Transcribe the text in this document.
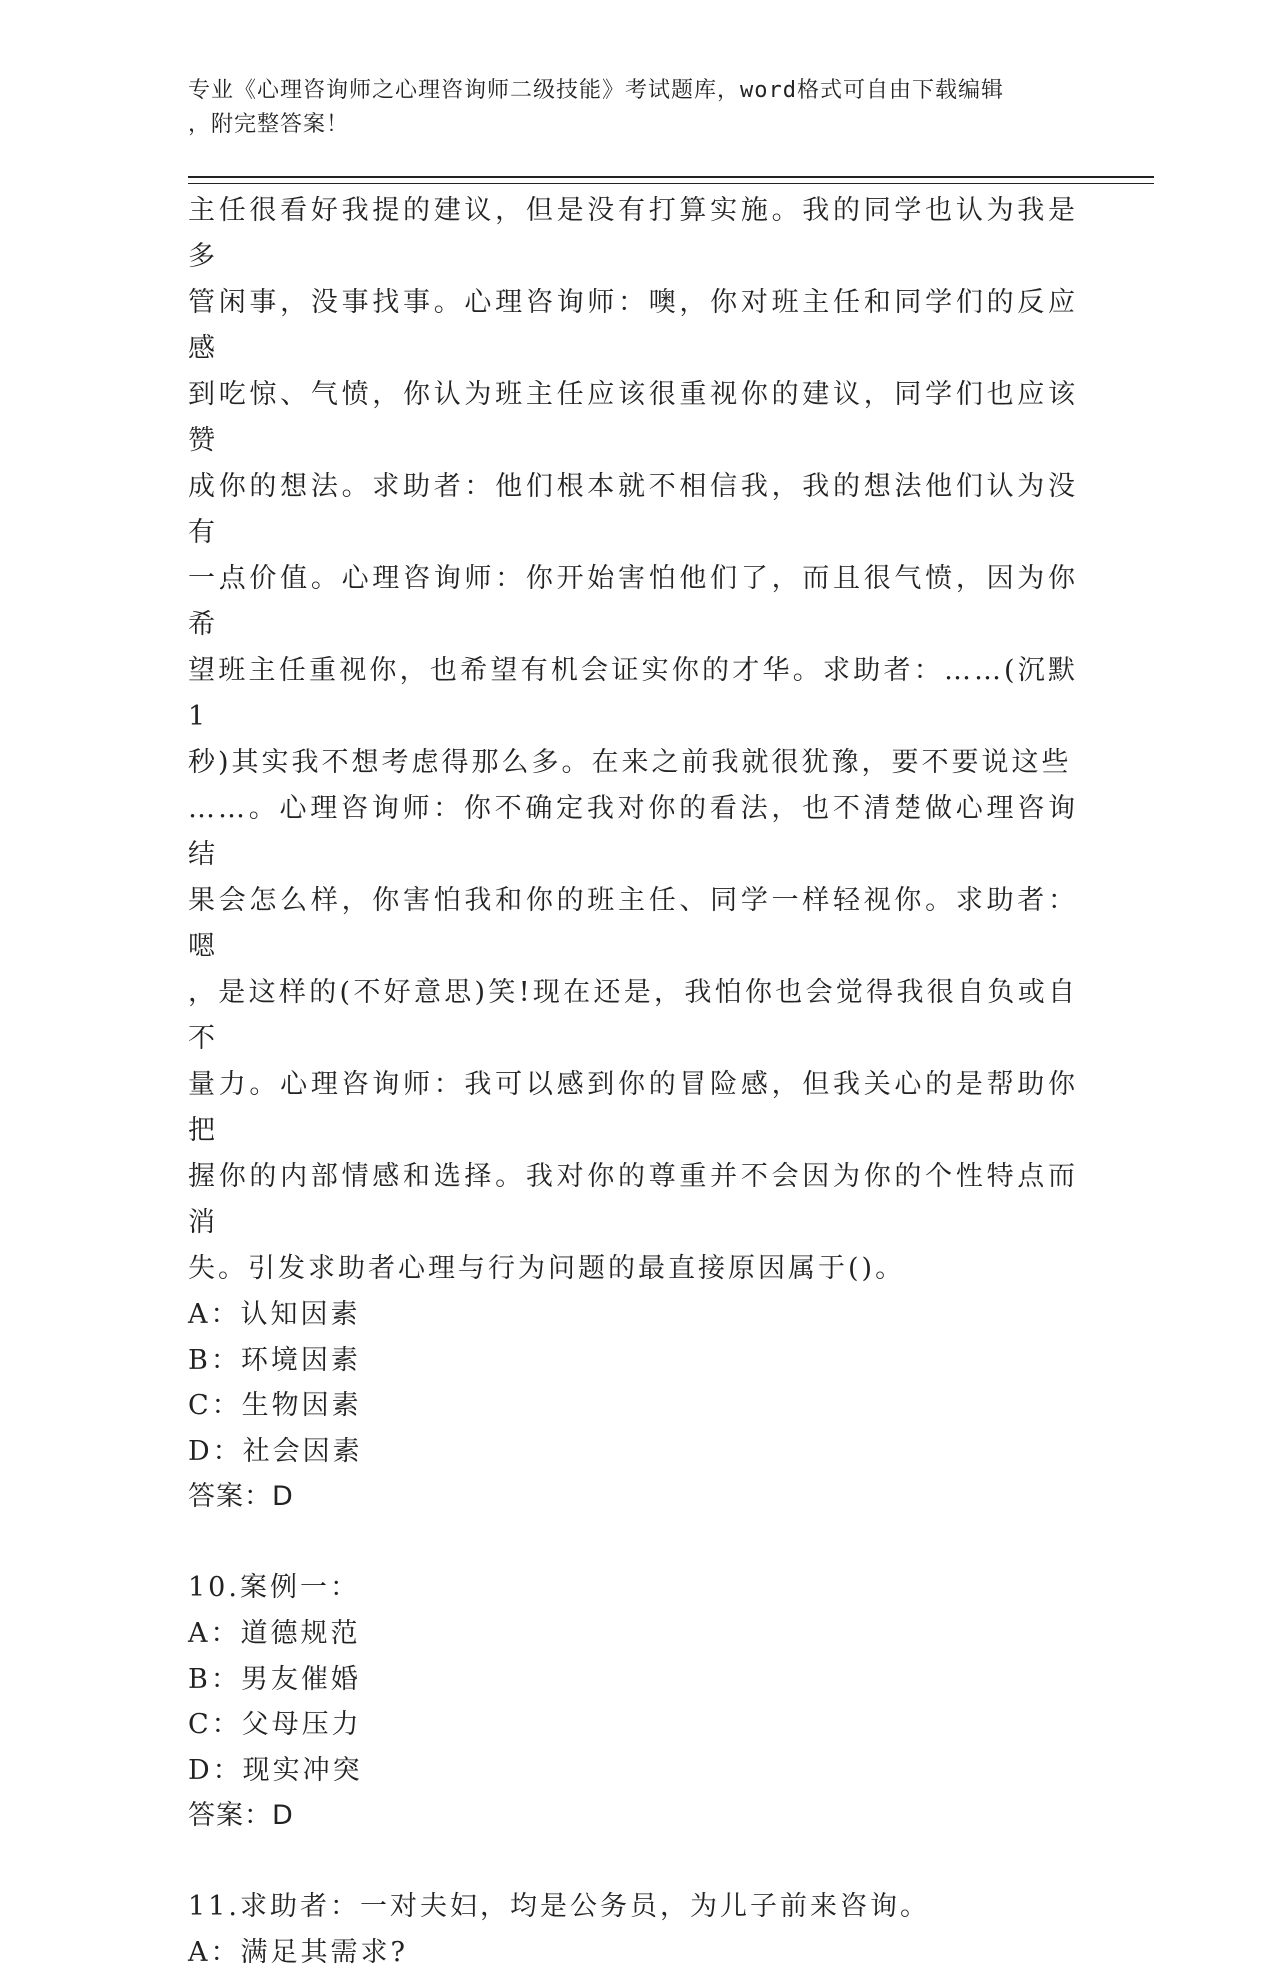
专业《心理咨询师之心理咨询师二级技能》考试题库，word格式可自由下载编辑

，附完整答案！

主任很看好我提的建议，但是没有打算实施。我的同学也认为我是多

管闲事，没事找事。心理咨询师：噢，你对班主任和同学们的反应感

到吃惊、气愤，你认为班主任应该很重视你的建议，同学们也应该赞

成你的想法。求助者：他们根本就不相信我，我的想法他们认为没有

一点价值。心理咨询师：你开始害怕他们了，而且很气愤，因为你希

望班主任重视你，也希望有机会证实你的才华。求助者：……(沉默1

秒)其实我不想考虑得那么多。在来之前我就很犹豫，要不要说这些

……。心理咨询师：你不确定我对你的看法，也不清楚做心理咨询结

果会怎么样，你害怕我和你的班主任、同学一样轻视你。求助者：嗯

，是这样的(不好意思)笑!现在还是，我怕你也会觉得我很自负或自不

量力。心理咨询师：我可以感到你的冒险感，但我关心的是帮助你把

握你的内部情感和选择。我对你的尊重并不会因为你的个性特点而消

失。引发求助者心理与行为问题的最直接原因属于()。

A：认知因素

B：环境因素

C：生物因素

D：社会因素

答案：D

10.案例一：

A：道德规范

B：男友催婚

C：父母压力

D：现实冲突

答案：D

11.求助者：一对夫妇，均是公务员，为儿子前来咨询。

A：满足其需求?
